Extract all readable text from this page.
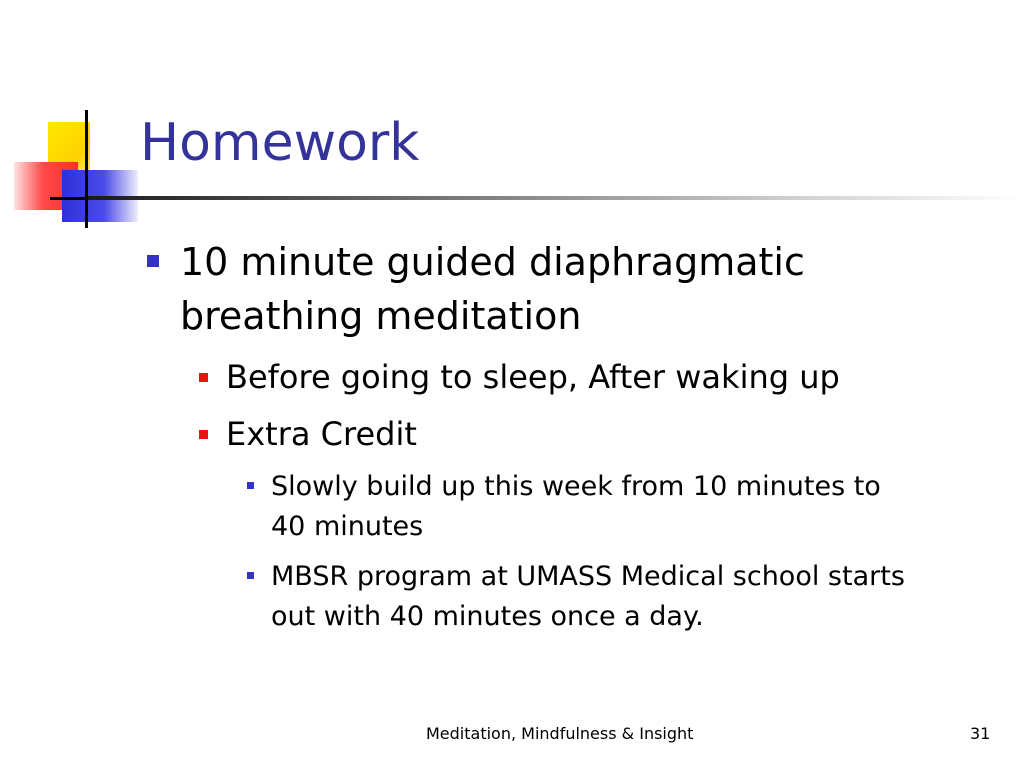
Homework

10 minute guided diaphragmatic

breathing meditation

Before going to sleep, After waking up

Extra Credit

Slowly build up this week from 10 minutes to

40 minutes

MBSR program at UMASS Medical school starts

out with 40 minutes once a day.

Meditation, Mindfulness & Insight	31
